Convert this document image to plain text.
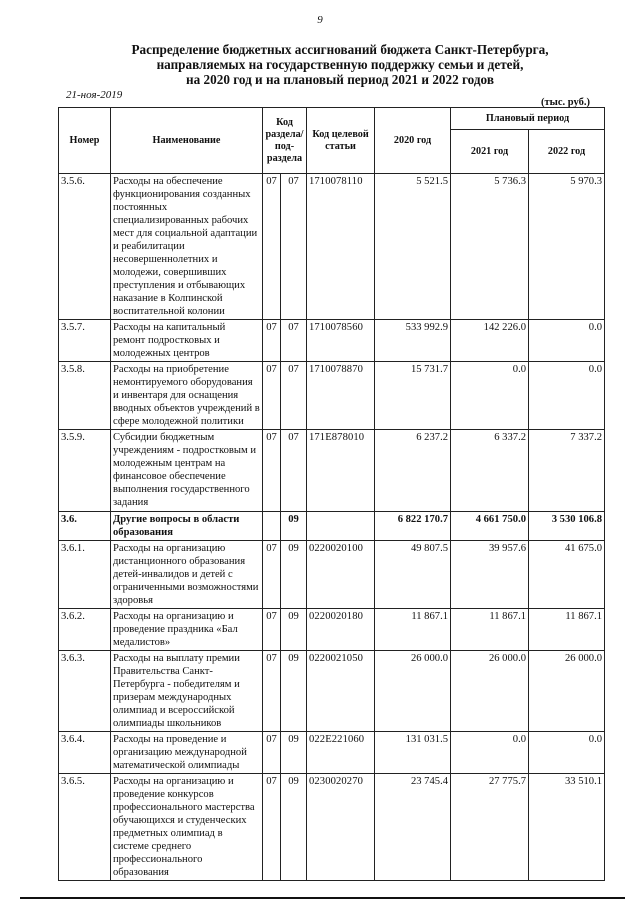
9
Распределение бюджетных ассигнований бюджета Санкт-Петербурга,
направляемых на государственную поддержку семьи и детей,
на 2020 год и на плановый период 2021 и 2022 годов
21-ноя-2019
(тыс. руб.)
Номер	Наименование	Код раздела/ под- раздела		Код целевой статьи	2020 год	Плановый период	
						2021 год	2022 год
3.5.6.	Расходы на обеспечение функционирования созданных постоянных специализированных рабочих мест для социальной адаптации и реабилитации несовершеннолетних и молодежи, совершивших преступления и отбывающих наказание в Колпинской воспитательной колонии	07	07	1710078110	5 521.5	5 736.3	5 970.3
3.5.7.	Расходы на капитальный ремонт подростковых и молодежных центров	07	07	1710078560	533 992.9	142 226.0	0.0
3.5.8.	Расходы на приобретение немонтируемого оборудования и инвентаря для оснащения вводных объектов учреждений в сфере молодежной политики	07	07	1710078870	15 731.7	0.0	0.0
3.5.9.	Субсидии бюджетным учреждениям - подростковым и молодежным центрам на финансовое обеспечение выполнения государственного задания	07	07	171Е878010	6 237.2	6 337.2	7 337.2
3.6.	Другие вопросы в области образования		09		6 822 170.7	4 661 750.0	3 530 106.8
3.6.1.	Расходы на организацию дистанционного образования детей-инвалидов и детей с ограниченными возможностями здоровья	07	09	0220020100	49 807.5	39 957.6	41 675.0
3.6.2.	Расходы на организацию и проведение праздника «Бал медалистов»	07	09	0220020180	11 867.1	11 867.1	11 867.1
3.6.3.	Расходы на выплату премии Правительства Санкт-Петербурга - победителям и призерам международных олимпиад и всероссийской олимпиады школьников	07	09	0220021050	26 000.0	26 000.0	26 000.0
3.6.4.	Расходы на проведение и организацию международной математической олимпиады	07	09	022Е221060	131 031.5	0.0	0.0
3.6.5.	Расходы на организацию и проведение конкурсов профессионального мастерства обучающихся и студенческих предметных олимпиад в системе среднего профессионального образования	07	09	0230020270	23 745.4	27 775.7	33 510.1
